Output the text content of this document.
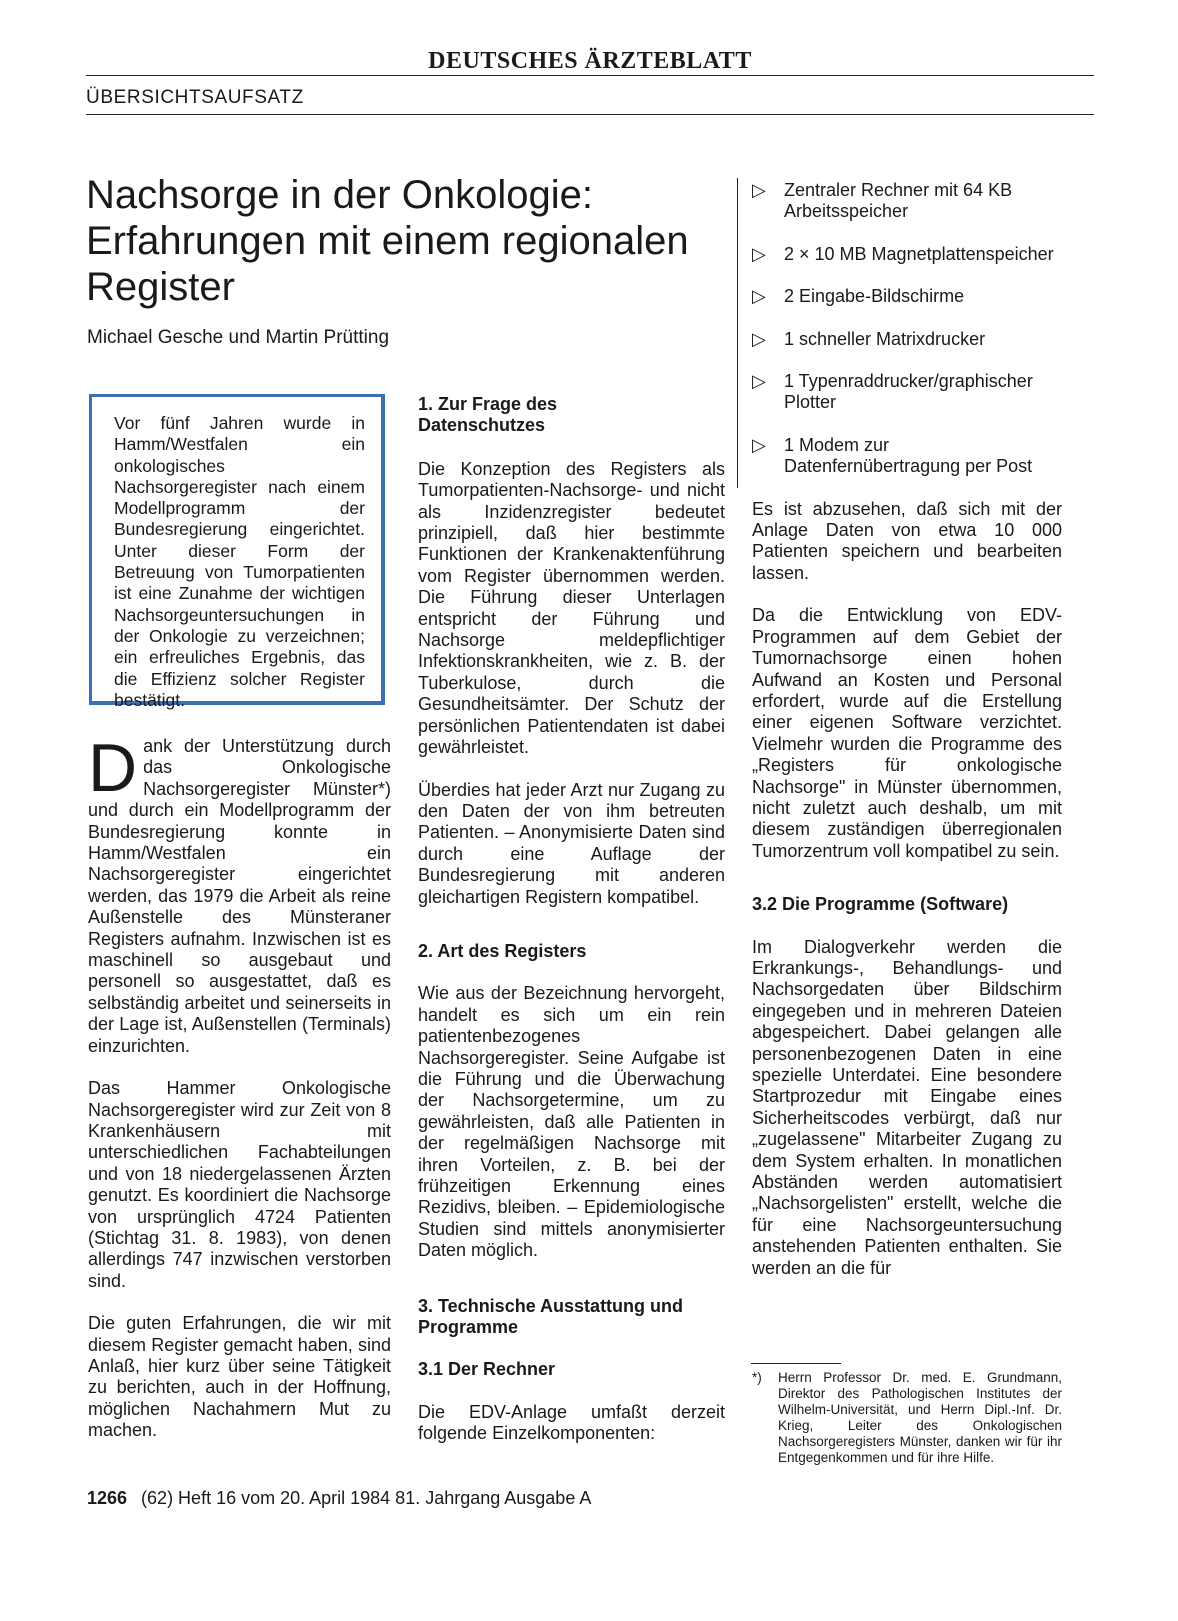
DEUTSCHES ÄRZTEBLATT
ÜBERSICHTSAUFSATZ
Nachsorge in der Onkologie: Erfahrungen mit einem regionalen Register
Michael Gesche und Martin Prütting

Vor fünf Jahren wurde in Hamm/Westfalen ein onkologisches Nachsorgeregister nach einem Modellprogramm der Bundesregierung eingerichtet. Unter dieser Form der Betreuung von Tumorpatienten ist eine Zunahme der wichtigen Nachsorgeuntersuchungen in der Onkologie zu verzeichnen; ein erfreuliches Ergebnis, das die Effizienz solcher Register bestätigt.

Dank der Unterstützung durch das Onkologische Nachsorgeregister Münster*) und durch ein Modellprogramm der Bundesregierung konnte in Hamm/Westfalen ein Nachsorgeregister eingerichtet werden, das 1979 die Arbeit als reine Außenstelle des Münsteraner Registers aufnahm. Inzwischen ist es maschinell so ausgebaut und personell so ausgestattet, daß es selbständig arbeitet und seinerseits in der Lage ist, Außenstellen (Terminals) einzurichten.

Das Hammer Onkologische Nachsorgeregister wird zur Zeit von 8 Krankenhäusern mit unterschiedlichen Fachabteilungen und von 18 niedergelassenen Ärzten genutzt. Es koordiniert die Nachsorge von ursprünglich 4724 Patienten (Stichtag 31. 8. 1983), von denen allerdings 747 inzwischen verstorben sind.

Die guten Erfahrungen, die wir mit diesem Register gemacht haben, sind Anlaß, hier kurz über seine Tätigkeit zu berichten, auch in der Hoffnung, möglichen Nachahmern Mut zu machen.

1. Zur Frage des Datenschutzes

Die Konzeption des Registers als Tumorpatienten-Nachsorge- und nicht als Inzidenzregister bedeutet prinzipiell, daß hier bestimmte Funktionen der Krankenaktenführung vom Register übernommen werden. Die Führung dieser Unterlagen entspricht der Führung und Nachsorge meldepflichtiger Infektionskrankheiten, wie z. B. der Tuberkulose, durch die Gesundheitsämter. Der Schutz der persönlichen Patientendaten ist dabei gewährleistet.

Überdies hat jeder Arzt nur Zugang zu den Daten der von ihm betreuten Patienten. – Anonymisierte Daten sind durch eine Auflage der Bundesregierung mit anderen gleichartigen Registern kompatibel.

2. Art des Registers

Wie aus der Bezeichnung hervorgeht, handelt es sich um ein rein patientenbezogenes Nachsorgeregister. Seine Aufgabe ist die Führung und die Überwachung der Nachsorgetermine, um zu gewährleisten, daß alle Patienten in der regelmäßigen Nachsorge mit ihren Vorteilen, z. B. bei der frühzeitigen Erkennung eines Rezidivs, bleiben. – Epidemiologische Studien sind mittels anonymisierter Daten möglich.

3. Technische Ausstattung und Programme
3.1 Der Rechner

Die EDV-Anlage umfaßt derzeit folgende Einzelkomponenten:

▷ Zentraler Rechner mit 64 KB Arbeitsspeicher
▷ 2 × 10 MB Magnetplattenspeicher
▷ 2 Eingabe-Bildschirme
▷ 1 schneller Matrixdrucker
▷ 1 Typenraddrucker/graphischer Plotter
▷ 1 Modem zur Datenfernübertragung per Post

Es ist abzusehen, daß sich mit der Anlage Daten von etwa 10 000 Patienten speichern und bearbeiten lassen.

Da die Entwicklung von EDV-Programmen auf dem Gebiet der Tumornachsorge einen hohen Aufwand an Kosten und Personal erfordert, wurde auf die Erstellung einer eigenen Software verzichtet. Vielmehr wurden die Programme des „Registers für onkologische Nachsorge" in Münster übernommen, nicht zuletzt auch deshalb, um mit diesem zuständigen überregionalen Tumorzentrum voll kompatibel zu sein.

3.2 Die Programme (Software)

Im Dialogverkehr werden die Erkrankungs-, Behandlungs- und Nachsorgedaten über Bildschirm eingegeben und in mehreren Dateien abgespeichert. Dabei gelangen alle personenbezogenen Daten in eine spezielle Unterdatei. Eine besondere Startprozedur mit Eingabe eines Sicherheitscodes verbürgt, daß nur „zugelassene" Mitarbeiter Zugang zu dem System erhalten. In monatlichen Abständen werden automatisiert „Nachsorgelisten" erstellt, welche die für eine Nachsorgeuntersuchung anstehenden Patienten enthalten. Sie werden an die für

*)	Herrn Professor Dr. med. E. Grundmann, Direktor des Pathologischen Institutes der Wilhelm-Universität, und Herrn Dipl.-Inf. Dr. Krieg, Leiter des Onkologischen Nachsorgeregisters Münster, danken wir für ihr Entgegenkommen und für ihre Hilfe.
1266 (62) Heft 16 vom 20. April 1984 81. Jahrgang Ausgabe A
